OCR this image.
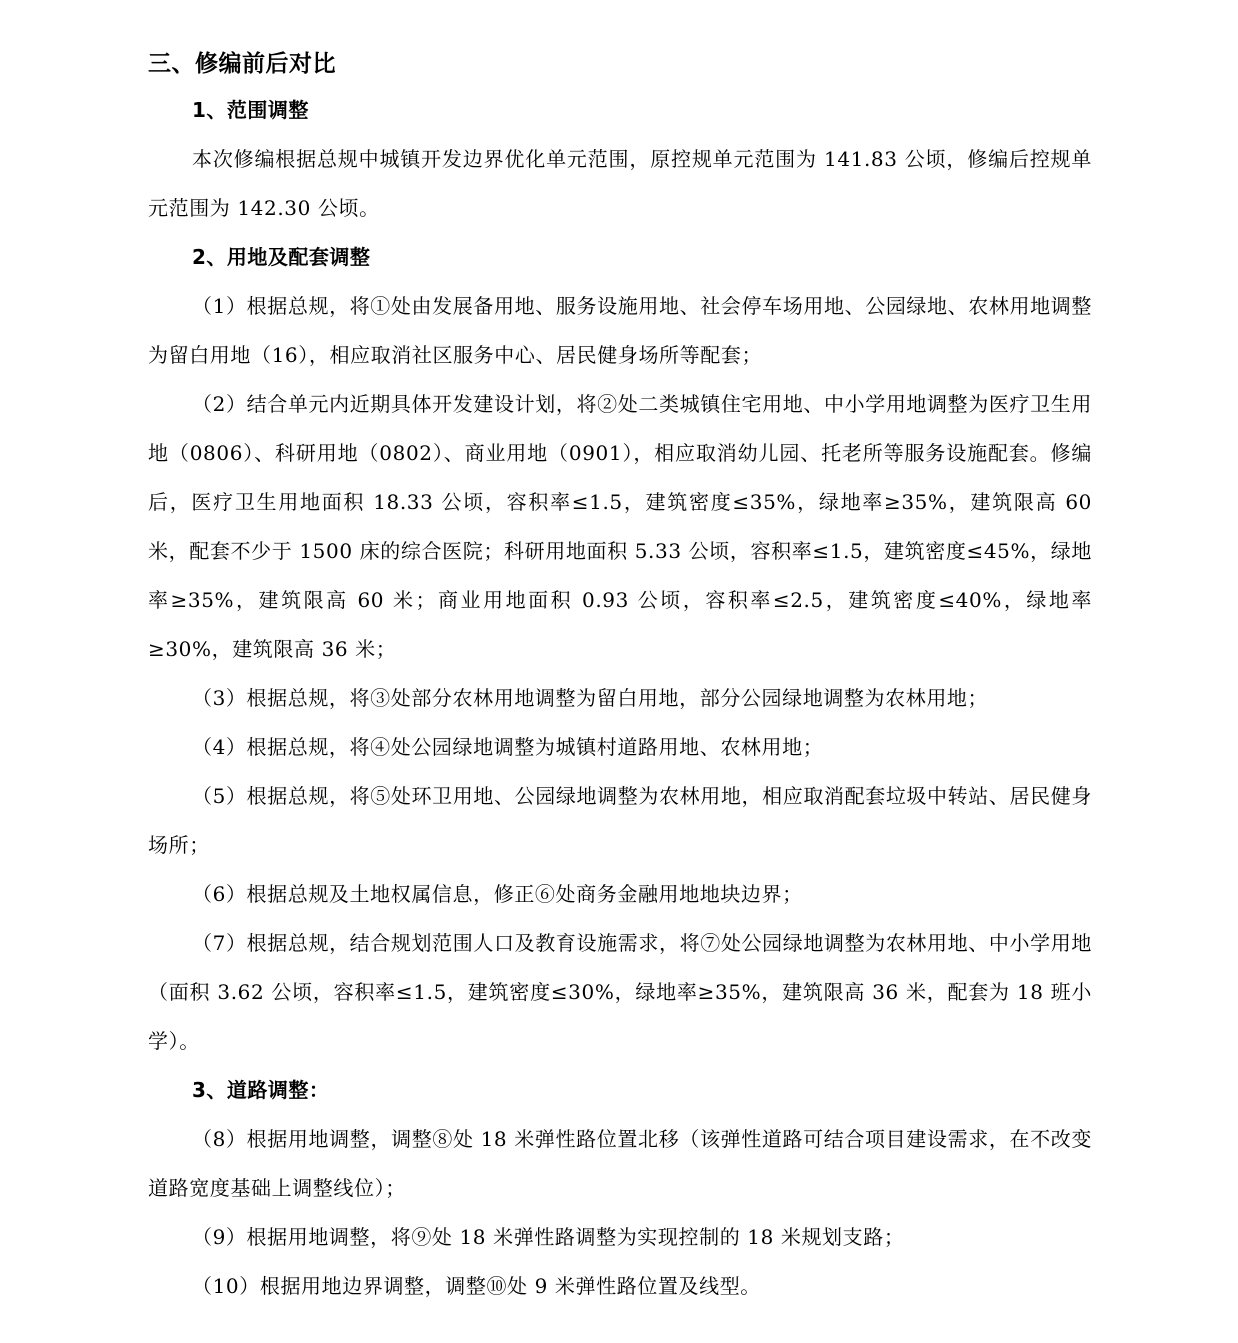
三、修编前后对比
1、范围调整

本次修编根据总规中城镇开发边界优化单元范围，原控规单元范围为 141.83 公顷，修编后控规单元范围为 142.30 公顷。

2、用地及配套调整

（1）根据总规，将①处由发展备用地、服务设施用地、社会停车场用地、公园绿地、农林用地调整为留白用地（16），相应取消社区服务中心、居民健身场所等配套；

（2）结合单元内近期具体开发建设计划，将②处二类城镇住宅用地、中小学用地调整为医疗卫生用地（0806）、科研用地（0802）、商业用地（0901），相应取消幼儿园、托老所等服务设施配套。修编后，医疗卫生用地面积 18.33 公顷，容积率≤1.5，建筑密度≤35%，绿地率≥35%，建筑限高 60 米，配套不少于 1500 床的综合医院；科研用地面积 5.33 公顷，容积率≤1.5，建筑密度≤45%，绿地率≥35%，建筑限高 60 米；商业用地面积 0.93 公顷，容积率≤2.5，建筑密度≤40%，绿地率≥30%，建筑限高 36 米；

（3）根据总规，将③处部分农林用地调整为留白用地，部分公园绿地调整为农林用地；

（4）根据总规，将④处公园绿地调整为城镇村道路用地、农林用地；

（5）根据总规，将⑤处环卫用地、公园绿地调整为农林用地，相应取消配套垃圾中转站、居民健身场所；

（6）根据总规及土地权属信息，修正⑥处商务金融用地地块边界；

（7）根据总规，结合规划范围人口及教育设施需求，将⑦处公园绿地调整为农林用地、中小学用地（面积 3.62 公顷，容积率≤1.5，建筑密度≤30%，绿地率≥35%，建筑限高 36 米，配套为 18 班小学）。

3、道路调整：

（8）根据用地调整，调整⑧处 18 米弹性路位置北移（该弹性道路可结合项目建设需求，在不改变道路宽度基础上调整线位）；

（9）根据用地调整，将⑨处 18 米弹性路调整为实现控制的 18 米规划支路；

（10）根据用地边界调整，调整⑩处 9 米弹性路位置及线型。
